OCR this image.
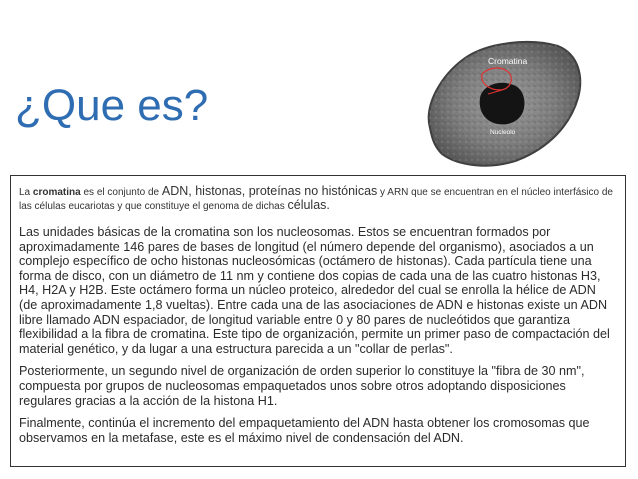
¿Que es?
Cromatina
Nucleolo

La cromatina es el conjunto de ADN, histonas, proteínas no histónicas y ARN que se encuentran en el núcleo interfásico de las células eucariotas y que constituye el genoma de dichas células.

Las unidades básicas de la cromatina son los nucleosomas. Estos se encuentran formados por aproximadamente 146 pares de bases de longitud (el número depende del organismo), asociados a un complejo específico de ocho histonas nucleosómicas (octámero de histonas). Cada partícula tiene una forma de disco, con un diámetro de 11 nm y contiene dos copias de cada una de las cuatro histonas H3, H4, H2A y H2B. Este octámero forma un núcleo proteico, alrededor del cual se enrolla la hélice de ADN (de aproximadamente 1,8 vueltas). Entre cada una de las asociaciones de ADN e histonas existe un ADN libre llamado ADN espaciador, de longitud variable entre 0 y 80 pares de nucleótidos que garantiza flexibilidad a la fibra de cromatina. Este tipo de organización, permite un primer paso de compactación del material genético, y da lugar a una estructura parecida a un "collar de perlas".

Posteriormente, un segundo nivel de organización de orden superior lo constituye la "fibra de 30 nm", compuesta por grupos de nucleosomas empaquetados unos sobre otros adoptando disposiciones regulares gracias a la acción de la histona H1.

Finalmente, continúa el incremento del empaquetamiento del ADN hasta obtener los cromosomas que observamos en la metafase, este es el máximo nivel de condensación del ADN.
